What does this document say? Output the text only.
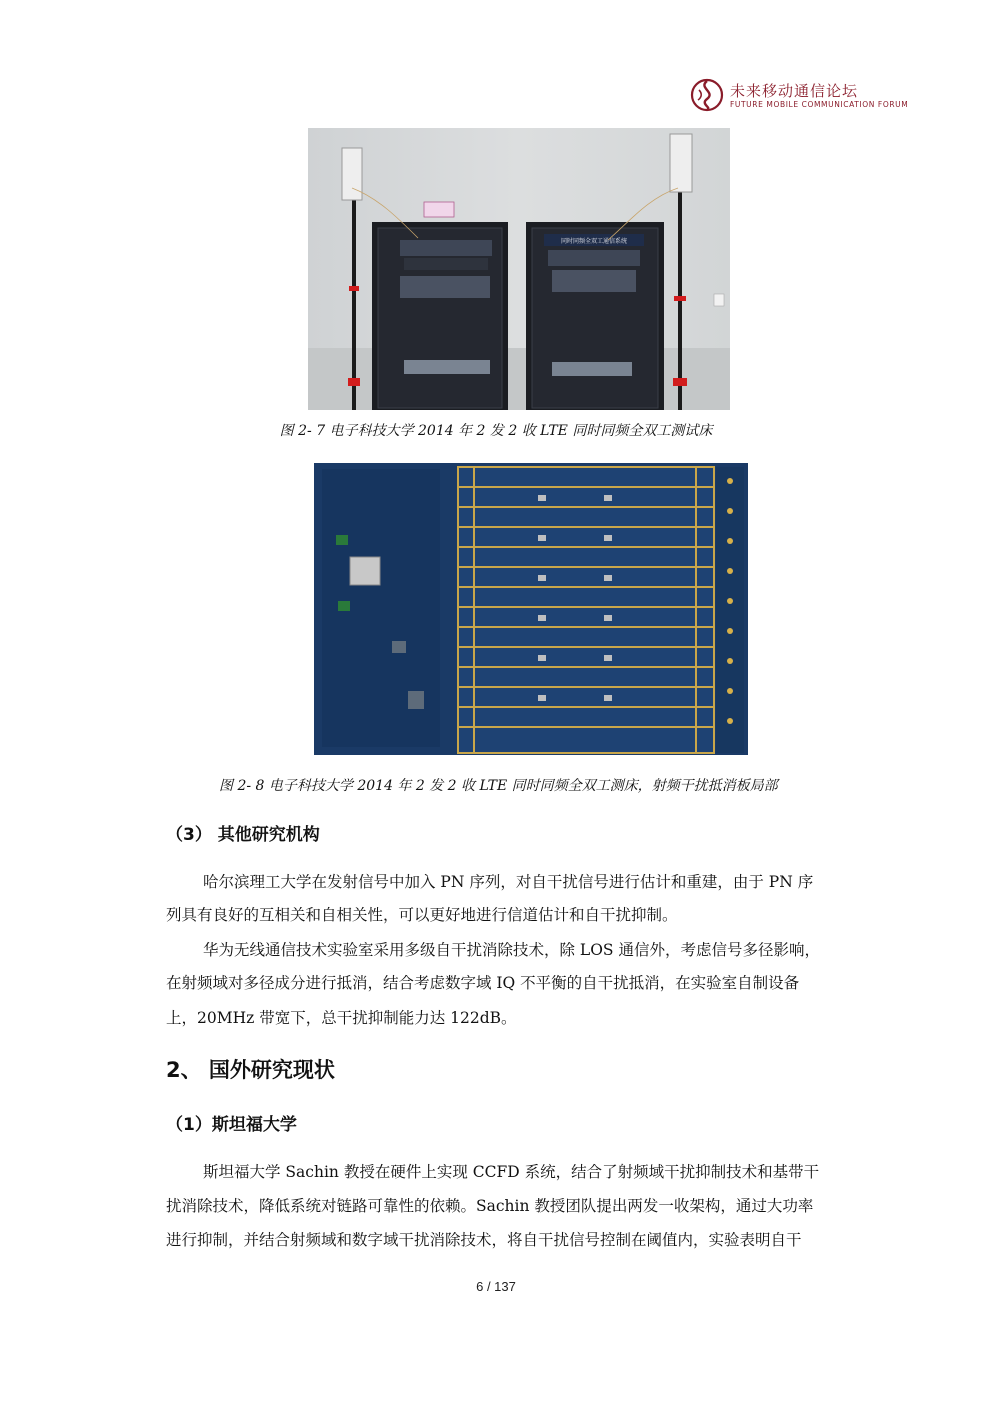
未来移动通信论坛
FUTURE MOBILE COMMUNICATION FORUM
同时同频全双工通信系统
图 2- 7 电子科技大学 2014 年 2 发 2 收 LTE 同时同频全双工测试床
图 2- 8 电子科技大学 2014 年 2 发 2 收 LTE 同时同频全双工测床，射频干扰抵消板局部
（3） 其他研究机构
哈尔滨理工大学在发射信号中加入 PN 序列，对自干扰信号进行估计和重建，由于 PN 序
列具有良好的互相关和自相关性，可以更好地进行信道估计和自干扰抑制。
华为无线通信技术实验室采用多级自干扰消除技术，除 LOS 通信外，考虑信号多径影响，
在射频域对多径成分进行抵消，结合考虑数字域 IQ 不平衡的自干扰抵消，在实验室自制设备
上，20MHz 带宽下，总干扰抑制能力达 122dB。
2、 国外研究现状
（1）斯坦福大学
斯坦福大学 Sachin 教授在硬件上实现 CCFD 系统，结合了射频域干扰抑制技术和基带干
扰消除技术，降低系统对链路可靠性的依赖。Sachin 教授团队提出两发一收架构，通过大功率
进行抑制，并结合射频域和数字域干扰消除技术，将自干扰信号控制在阈值内，实验表明自干
6 / 137
